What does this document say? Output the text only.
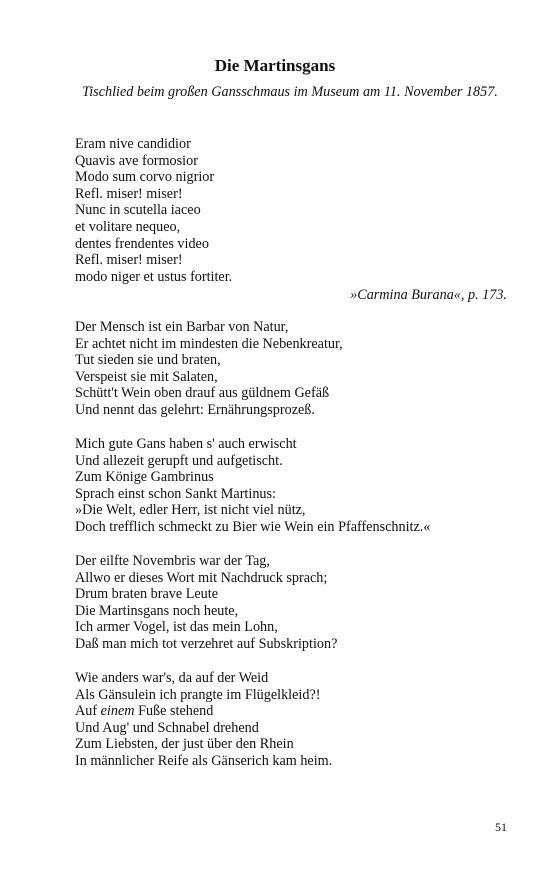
Die Martinsgans
Tischlied beim großen Gansschmaus im Museum am 11. November 1857.
Eram nive candidior
Quavis ave formosior
Modo sum corvo nigrior
Refl. miser! miser!
Nunc in scutella iaceo
et volitare nequeo,
dentes frendentes video
Refl. miser! miser!
modo niger et ustus fortiter.
»Carmina Burana«, p. 173.
Der Mensch ist ein Barbar von Natur,
Er achtet nicht im mindesten die Nebenkreatur,
Tut sieden sie und braten,
Verspeist sie mit Salaten,
Schütt't Wein oben drauf aus güldnem Gefäß
Und nennt das gelehrt: Ernährungsprozeß.
Mich gute Gans haben s' auch erwischt
Und allezeit gerupft und aufgetischt.
Zum Könige Gambrinus
Sprach einst schon Sankt Martinus:
»Die Welt, edler Herr, ist nicht viel nütz,
Doch trefflich schmeckt zu Bier wie Wein ein Pfaffenschnitz.«
Der eilfte Novembris war der Tag,
Allwo er dieses Wort mit Nachdruck sprach;
Drum braten brave Leute
Die Martinsgans noch heute,
Ich armer Vogel, ist das mein Lohn,
Daß man mich tot verzehret auf Subskription?
Wie anders war's, da auf der Weid
Als Gänsulein ich prangte im Flügelkleid?!
Auf einem Fuße stehend
Und Aug' und Schnabel drehend
Zum Liebsten, der just über den Rhein
In männlicher Reife als Gänserich kam heim.
51
